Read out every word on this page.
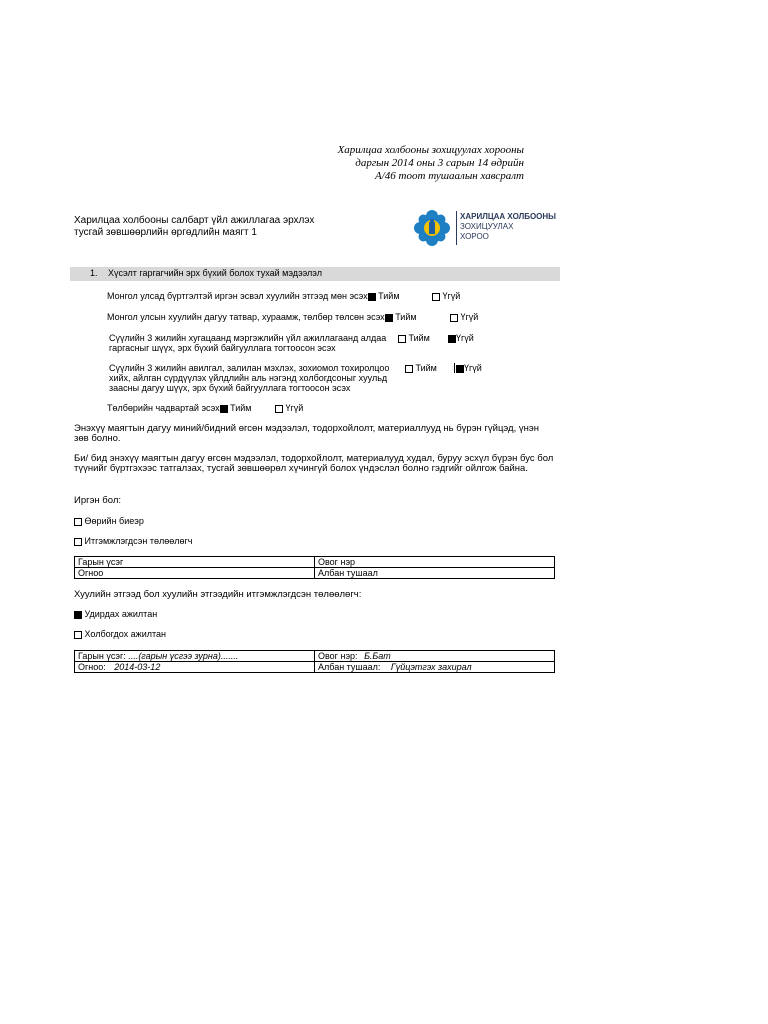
Харилцаа холбооны зохицуулах хорооны
даргын 2014 оны 3 сарын 14 өдрийн
А/46 тоот тушаалын хавсралт
Харилцаа холбооны салбарт үйл ажиллагаа эрхлэх
тусгай зөвшөөрлийн өргөдлийн маягт 1
ХАРИЛЦАА ХОЛБООНЫ
ЗОХИЦУУЛАХ
ХОРОО
1. Хүсэлт гаргагчийн эрх бүхий болох тухай мэдээлэл
Монгол улсад бүртгэлтэй иргэн эсвэл хуулийн этгээд мөн эсэх Тийм	Үгүй
Монгол улсын хуулийн дагуу татвар, хураамж, төлбөр төлсөн эсэх Тийм	Үгүй
Сүүлийн 3 жилийн хугацаанд мэргэжлийн үйл ажиллагаанд алдаа
гаргасныг шүүх, эрх бүхий байгууллага тогтоосон эсэх
Тийм	Үгүй
Сүүлийн 3 жилийн авилгал, залилан мэхлэх, зохиомол тохиролцоо
хийх, айлган сүрдүүлэх үйлдлийн аль нэгэнд холбогдсоныг хуульд
заасны дагуу шүүх, эрх бүхий байгууллага тогтоосон эсэх
Тийм	Үгүй
Төлбөрийн чадвартай эсэх Тийм	Үгүй
Энэхүү маягтын дагуу миний/бидний өгсөн мэдээлэл, тодорхойлолт, материаллууд нь бүрэн гүйцэд, үнэн зөв болно.
Би/ бид энэхүү маягтын дагуу өгсөн мэдээлэл, тодорхойлолт, материалууд худал, буруу эсхүл бүрэн бус бол түүнийг бүртгэхээс татгалзах, тусгай зөвшөөрөл хүчингүй болох үндэслэл болно гэдгийг ойлгож байна.
Иргэн бол:
Өөрийн биеэр
Итгэмжлэгдсэн төлөөлөгч
Гарын үсэг	Овог нэр
Огноо	Албан тушаал
Хуулийн этгээд бол хуулийн этгээдийн итгэмжлэгдсэн төлөөлөгч:
Удирдах ажилтан
Холбогдох ажилтан
Гарын үсэг: ....(гарын үсгээ зурна).......	Овог нэр: Б.Бат
Огноо: 2014-03-12	Албан тушаал: Гүйцэтгэх захирал
